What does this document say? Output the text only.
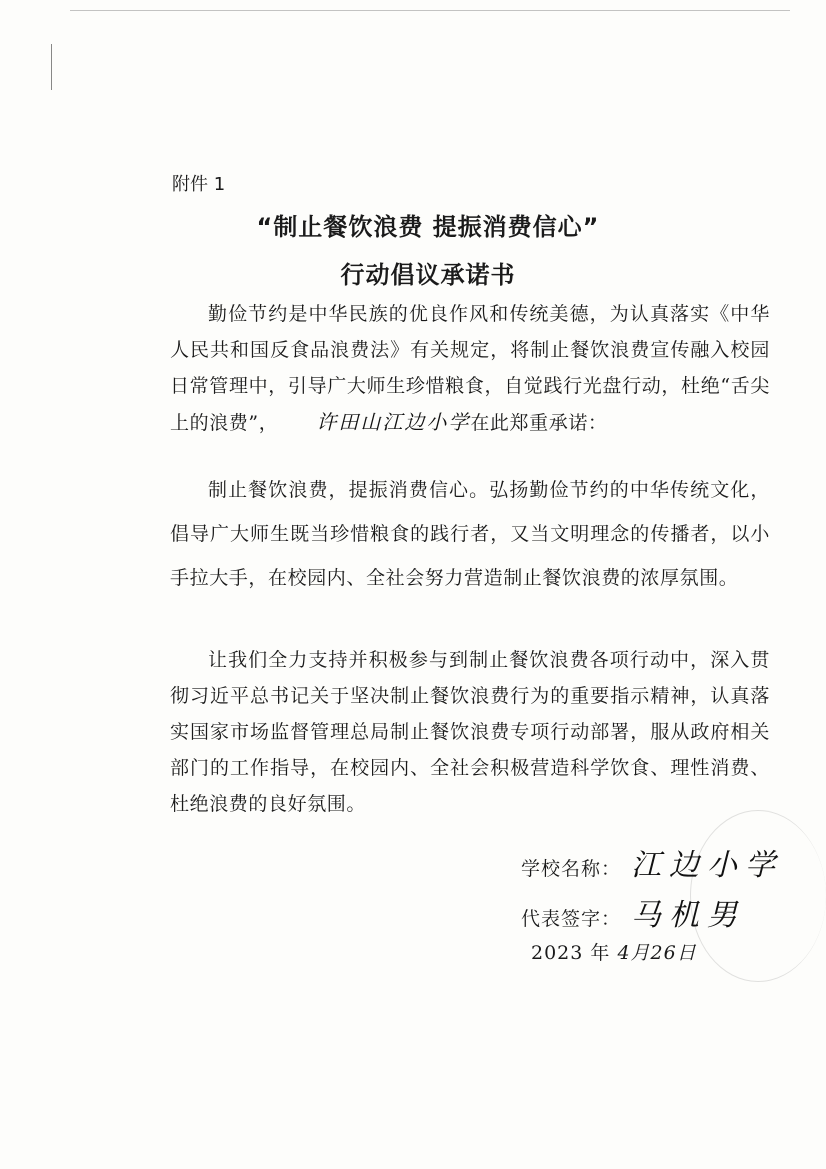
附件 1
“制止餐饮浪费 提振消费信心”
行动倡议承诺书
勤俭节约是中华民族的优良作风和传统美德，为认真落实《中华人民共和国反食品浪费法》有关规定，将制止餐饮浪费宣传融入校园日常管理中，引导广大师生珍惜粮食，自觉践行光盘行动，杜绝“舌尖上的浪费”， 许田山江边小学在此郑重承诺：
制止餐饮浪费，提振消费信心。弘扬勤俭节约的中华传统文化，倡导广大师生既当珍惜粮食的践行者，又当文明理念的传播者，以小手拉大手，在校园内、全社会努力营造制止餐饮浪费的浓厚氛围。
让我们全力支持并积极参与到制止餐饮浪费各项行动中，深入贯彻习近平总书记关于坚决制止餐饮浪费行为的重要指示精神，认真落实国家市场监督管理总局制止餐饮浪费专项行动部署，服从政府相关部门的工作指导，在校园内、全社会积极营造科学饮食、理性消费、杜绝浪费的良好氛围。
学校名称： 江边小学
代表签字： 马机男
2023 年 4月26日
